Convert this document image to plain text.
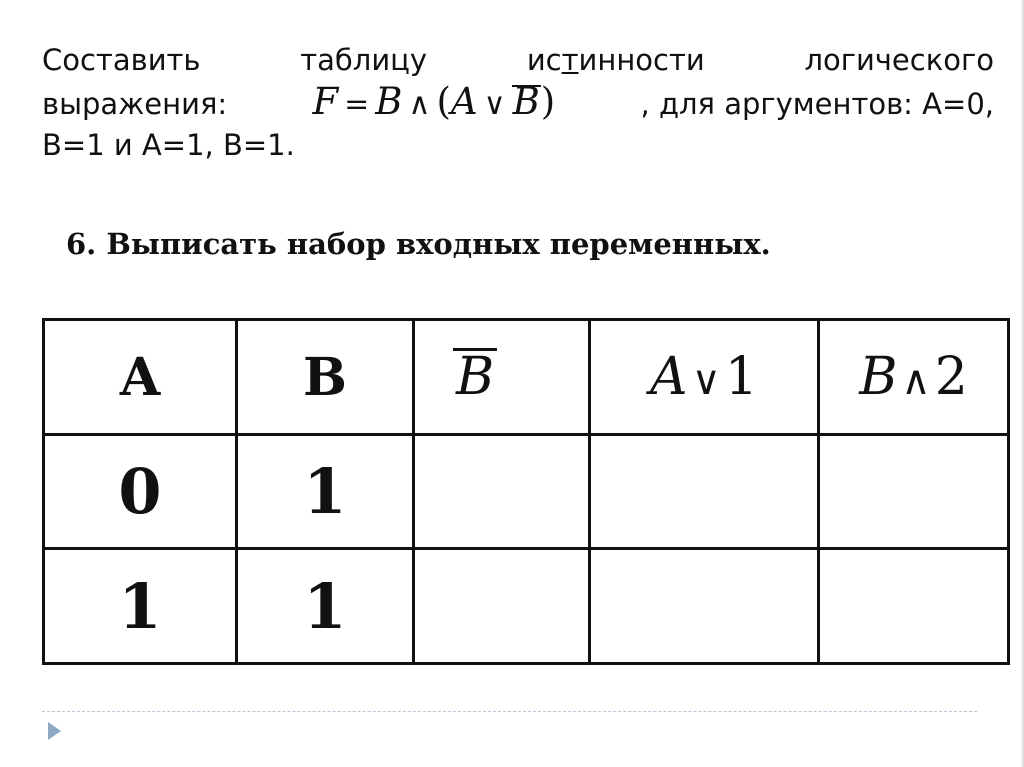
Составить	таблицу	истинности	логического
выражения: F = B ∧ (A ∨ B)	, для аргументов: A=0,
B=1 и A=1, B=1.
6. Выписать набор входных переменных.
A	B	B	A ∨1	B ∧2
0	1			
1	1			
